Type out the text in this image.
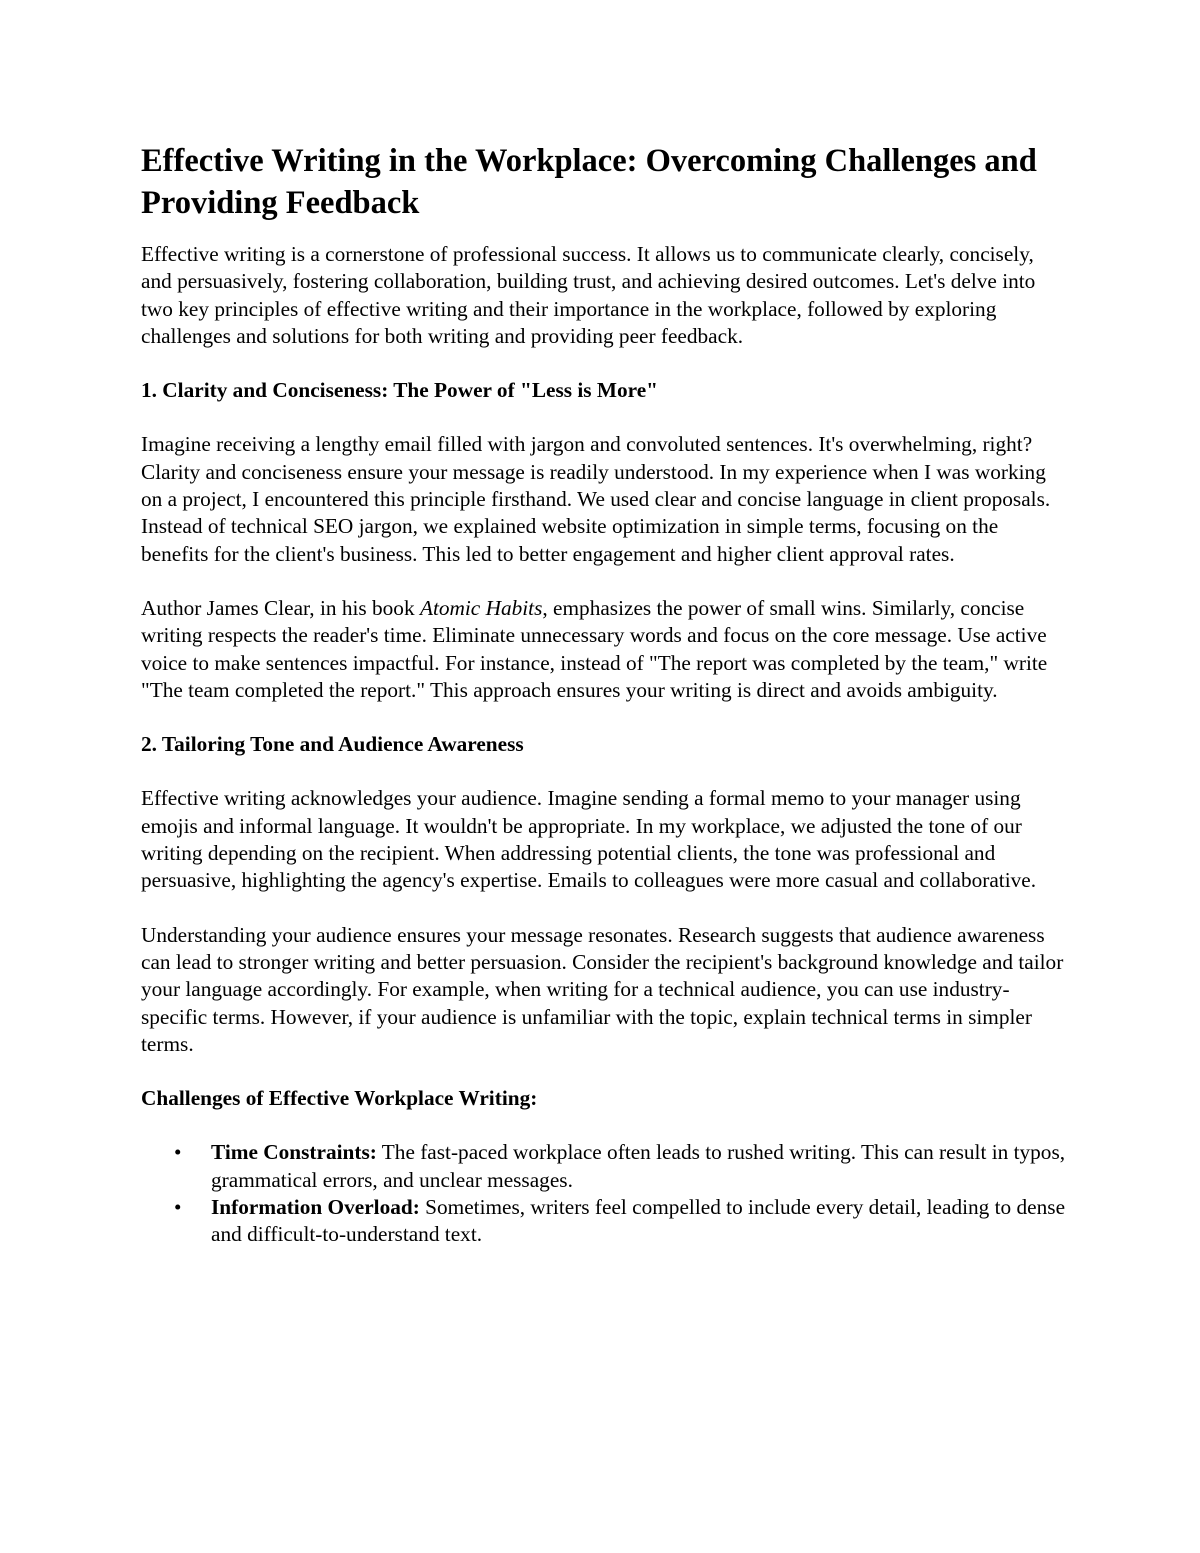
Effective Writing in the Workplace: Overcoming Challenges and Providing Feedback

Effective writing is a cornerstone of professional success. It allows us to communicate clearly, concisely, and persuasively, fostering collaboration, building trust, and achieving desired outcomes. Let's delve into two key principles of effective writing and their importance in the workplace, followed by exploring challenges and solutions for both writing and providing peer feedback.

1. Clarity and Conciseness: The Power of "Less is More"

Imagine receiving a lengthy email filled with jargon and convoluted sentences. It's overwhelming, right? Clarity and conciseness ensure your message is readily understood. In my experience when I was working on a project, I encountered this principle firsthand. We used clear and concise language in client proposals. Instead of technical SEO jargon, we explained website optimization in simple terms, focusing on the benefits for the client's business. This led to better engagement and higher client approval rates.

Author James Clear, in his book Atomic Habits, emphasizes the power of small wins. Similarly, concise writing respects the reader's time. Eliminate unnecessary words and focus on the core message. Use active voice to make sentences impactful. For instance, instead of "The report was completed by the team," write "The team completed the report." This approach ensures your writing is direct and avoids ambiguity.

2. Tailoring Tone and Audience Awareness

Effective writing acknowledges your audience. Imagine sending a formal memo to your manager using emojis and informal language. It wouldn't be appropriate. In my workplace, we adjusted the tone of our writing depending on the recipient. When addressing potential clients, the tone was professional and persuasive, highlighting the agency's expertise. Emails to colleagues were more casual and collaborative.

Understanding your audience ensures your message resonates. Research suggests that audience awareness can lead to stronger writing and better persuasion. Consider the recipient's background knowledge and tailor your language accordingly. For example, when writing for a technical audience, you can use industry-specific terms. However, if your audience is unfamiliar with the topic, explain technical terms in simpler terms.

Challenges of Effective Workplace Writing:
• Time Constraints: The fast-paced workplace often leads to rushed writing. This can result in typos, grammatical errors, and unclear messages.
• Information Overload: Sometimes, writers feel compelled to include every detail, leading to dense and difficult-to-understand text.
